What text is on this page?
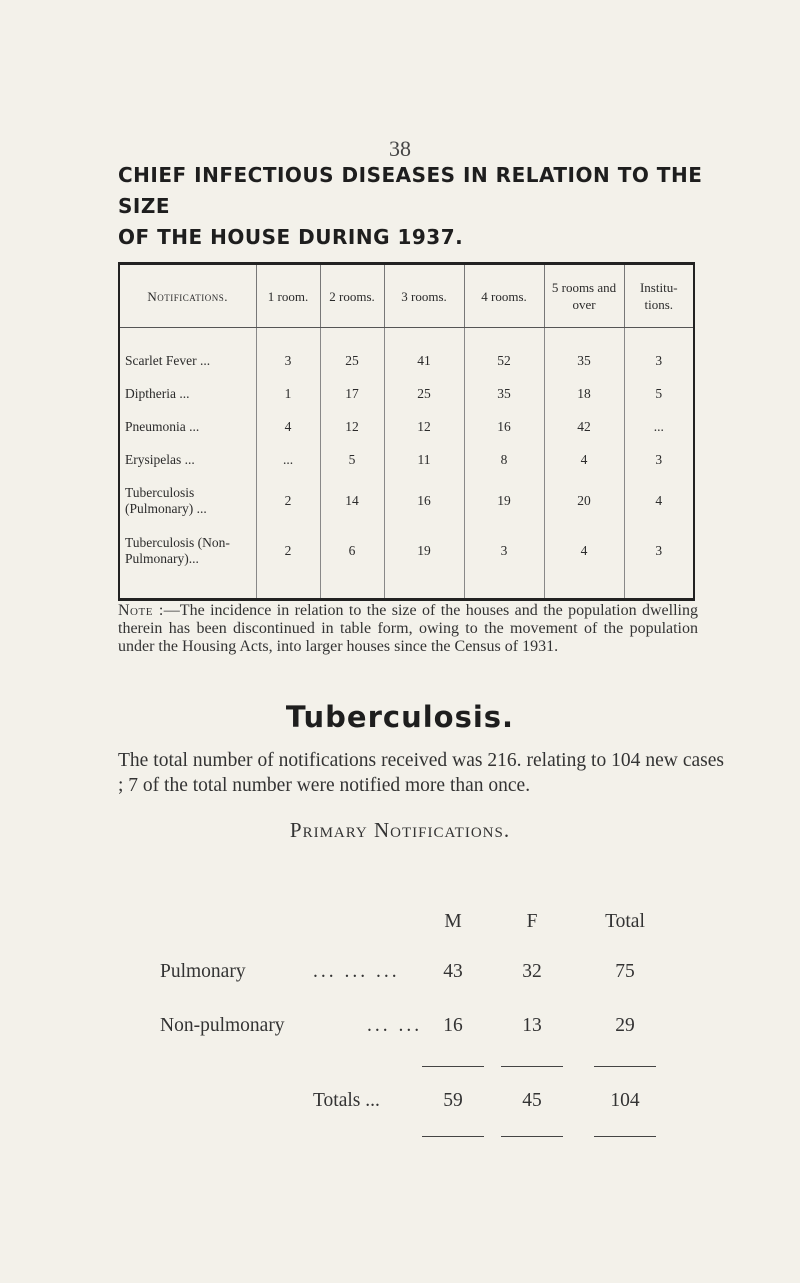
38
CHIEF INFECTIOUS DISEASES IN RELATION TO THE SIZE
OF THE HOUSE DURING 1937.
Notifications.	1 room.	2 rooms.	3 rooms.	4 rooms.	5 rooms and over	Institu-tions.
Scarlet Fever ...	3	25	41	52	35	3
Diptheria ...	1	17	25	35	18	5
Pneumonia ...	4	12	12	16	42	...
Erysipelas ...	...	5	11	8	4	3
Tuberculosis (Pulmonary) ...	2	14	16	19	20	4
Tuberculosis (Non-Pulmonary)...	2	6	19	3	4	3
Note :—The incidence in relation to the size of the houses and the population dwelling therein has been discontinued in table form, owing to the movement of the population under the Housing Acts, into larger houses since the Census of 1931.
Tuberculosis.
The total number of notifications received was 216. relating to 104 new cases ; 7 of the total number were notified more than once.
Primary Notifications.
M	F	Total
Pulmonary	... ... ...	43	32	75
Non-pulmonary	... ...	16	13	29
Totals ...	59	45	104
